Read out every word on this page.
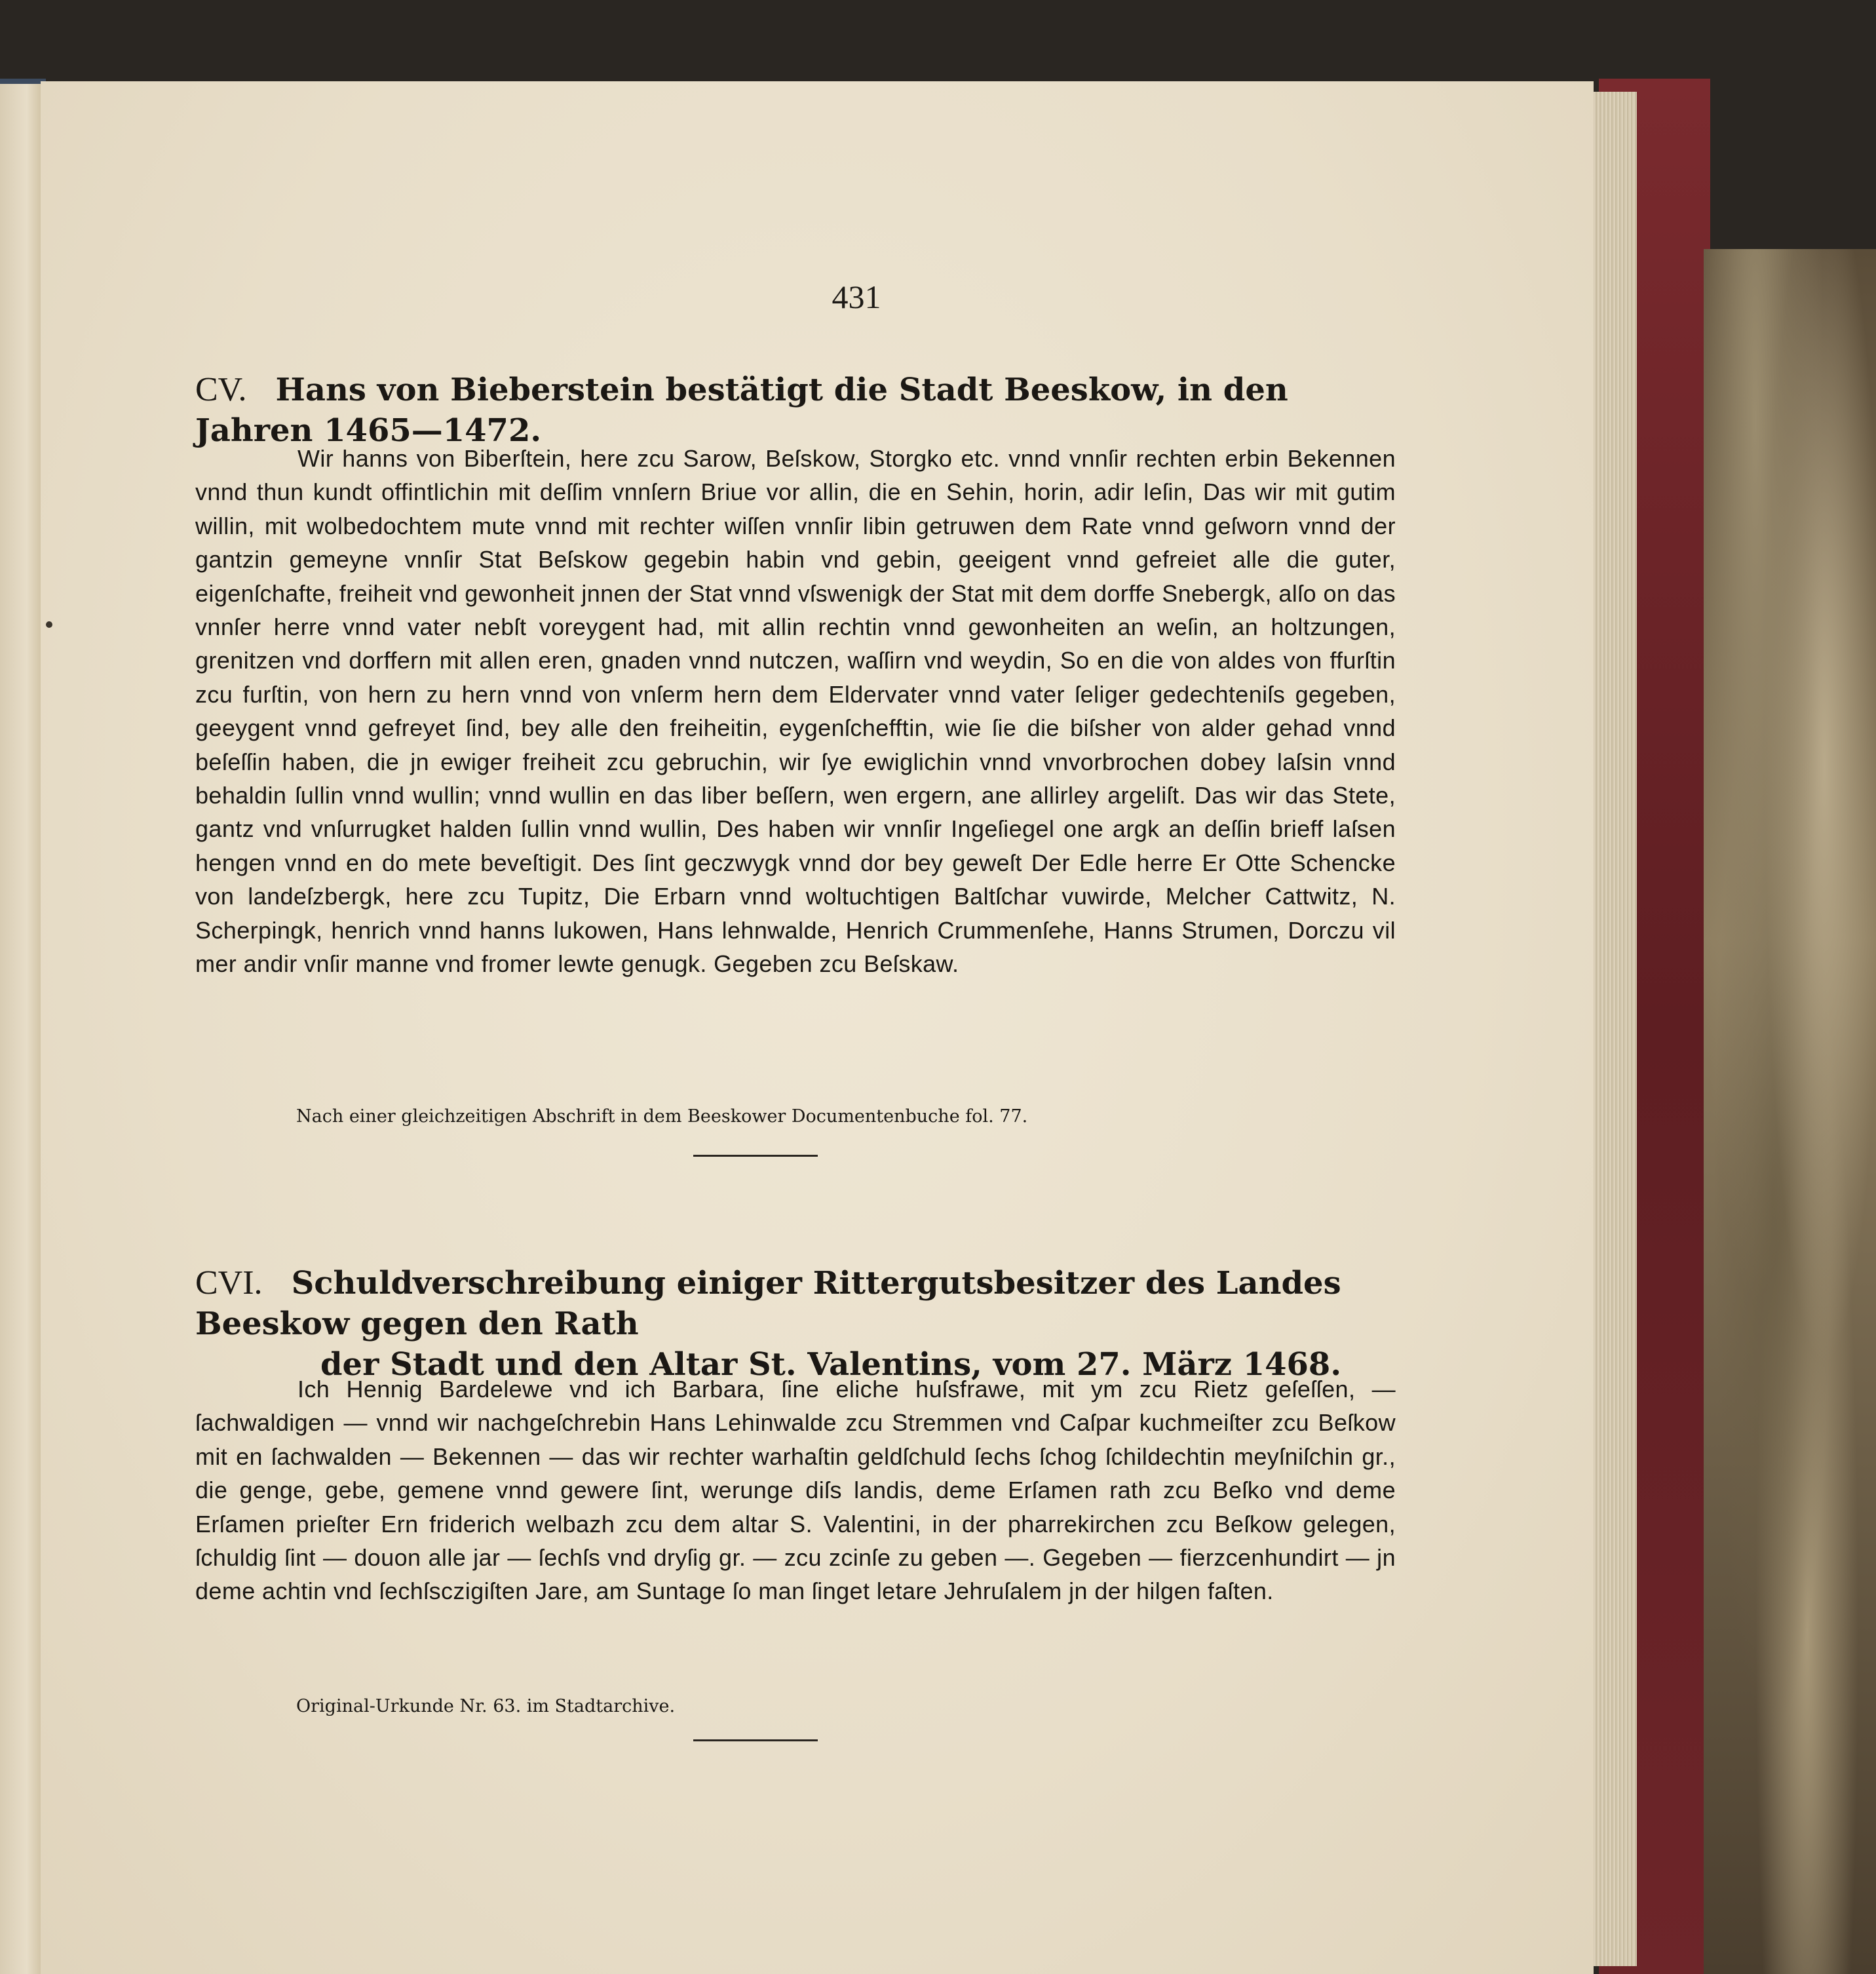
431
CV. Hans von Bieberstein bestätigt die Stadt Beeskow, in den Jahren 1465—1472.

Wir hanns von Biberſtein, here zcu Sarow, Beſskow, Storgko etc. vnnd vnnſir rechten erbin Bekennen vnnd thun kundt offintlichin mit deſſim vnnſern Briue vor allin, die en Sehin, horin, adir leſin, Das wir mit gutim willin, mit wolbedochtem mute vnnd mit rechter wiſſen vnnſir libin getruwen dem Rate vnnd geſworn vnnd der gantzin gemeyne vnnſir Stat Beſskow gegebin habin vnd gebin, geeigent vnnd gefreiet alle die guter, eigenſchafte, freiheit vnd gewonheit jnnen der Stat vnnd vſswenigk der Stat mit dem dorffe Snebergk, alſo on das vnnſer herre vnnd vater nebſt voreygent had, mit allin rechtin vnnd gewonheiten an weſin, an holtzungen, grenitzen vnd dorffern mit allen eren, gnaden vnnd nutczen, waſſirn vnd weydin, So en die von aldes von ffurſtin zcu furſtin, von hern zu hern vnnd von vnſerm hern dem Eldervater vnnd vater ſeliger gedechteniſs gegeben, geeygent vnnd gefreyet ſind, bey alle den freiheitin, eygenſchefftin, wie ſie die biſsher von alder gehad vnnd beſeſſin haben, die jn ewiger freiheit zcu gebruchin, wir ſye ewiglichin vnnd vnvorbrochen dobey laſsin vnnd behaldin ſullin vnnd wullin; vnnd wullin en das liber beſſern, wen ergern, ane allirley argeliſt. Das wir das Stete, gantz vnd vnſurrugket halden ſullin vnnd wullin, Des haben wir vnnſir Ingeſiegel one argk an deſſin brieff laſsen hengen vnnd en do mete beveſtigit. Des ſint geczwygk vnnd dor bey geweſt Der Edle herre Er Otte Schencke von landeſzbergk, here zcu Tupitz, Die Erbarn vnnd woltuchtigen Baltſchar vuwirde, Melcher Cattwitz, N. Scherpingk, henrich vnnd hanns lukowen, Hans lehnwalde, Henrich Crummenſehe, Hanns Strumen, Dorczu vil mer andir vnſir manne vnd fromer lewte genugk. Gegeben zcu Beſskaw.

Nach einer gleichzeitigen Abschrift in dem Beeskower Documentenbuche fol. 77.
CVI. Schuldverschreibung einiger Rittergutsbesitzer des Landes Beeskow gegen den Rath
der Stadt und den Altar St. Valentins, vom 27. März 1468.

Ich Hennig Bardelewe vnd ich Barbara, ſine eliche huſsfrawe, mit ym zcu Rietz geſeſſen, — ſachwaldigen — vnnd wir nachgeſchrebin Hans Lehinwalde zcu Stremmen vnd Caſpar kuchmeiſter zcu Beſkow mit en ſachwalden — Bekennen — das wir rechter warhaſtin geldſchuld ſechs ſchog ſchildechtin meyſniſchin gr., die genge, gebe, gemene vnnd gewere ſint, werunge diſs landis, deme Erſamen rath zcu Beſko vnd deme Erſamen prieſter Ern friderich welbazh zcu dem altar S. Valentini, in der pharrekirchen zcu Beſkow gelegen, ſchuldig ſint — douon alle jar — ſechſs vnd dryſig gr. — zcu zcinſe zu geben —. Gegeben — fierzcenhundirt — jn deme achtin vnd ſechſsczigiſten Jare, am Suntage ſo man ſinget letare Jehruſalem jn der hilgen faſten.

Original-Urkunde Nr. 63. im Stadtarchive.
